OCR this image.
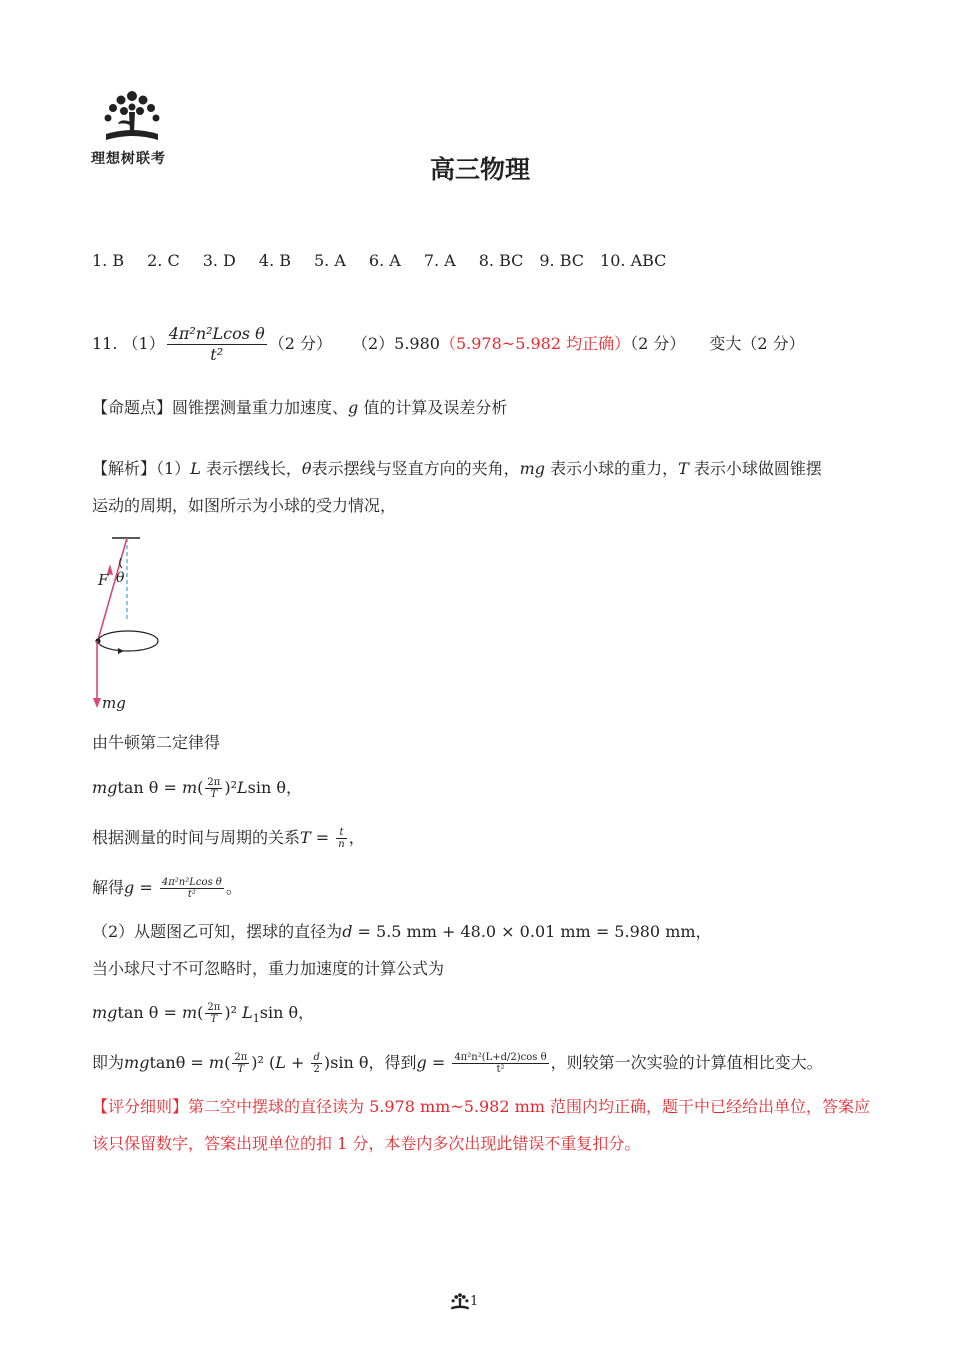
理想树联考	高三物理
1. B 2. C 3. D 4. B 5. A 6. A 7. A 8. BC 9. BC 10. ABC
11. $(1) \frac{\text{4π²n²Lcos θ}}{\text{t²}} (2$ 分） （2）5.980（5.978~5.982 均正确）（2 分） 变大（2 分）
【命题点】圆锥摆测量重力加速度、g 值的计算及误差分析
【解析】（1）L 表示摆线长，θ表示摆线与竖直方向的夹角，mg 表示小球的重力，T 表示小球做圆锥摆
运动的周期，如图所示为小球的受力情况，
F θ
mg
由牛顿第二定律得
mgtan $\theta = m( \frac{2\pi}{T} )^2Lsin$ θ，
根据测量的时间与周期的关系$T = \frac{t}{n}$ ，
解得$g = \frac{\text{4π²n²Lcos θ}}{\text{t²}}$ 。
（2）从题图乙可知，摆球的直径为d = 5.5 mm + 48.0 × 0.01 mm = 5.980 mm，
当小球尺寸不可忽略时，重力加速度的计算公式为
mgtan $\theta = m( \frac{2\pi}{T} )^2$ $L_1\sin$ θ，
即为$mgtan\theta = m( \frac{2\pi}{T} )^2$ $(L + \frac{d}{2} )\sin$ θ，得到$g = \frac{\text{4π²n²(L+d/2)cos θ}}{\text{t²}}$ ，则较第一次实验的计算值相比变大。
【评分细则】第二空中摆球的直径读为 5.978 mm~5.982 mm 范围内均正确，题干中已经给出单位，答案应
该只保留数字，答案出现单位的扣 1 分，本卷内多次出现此错误不重复扣分。
1
